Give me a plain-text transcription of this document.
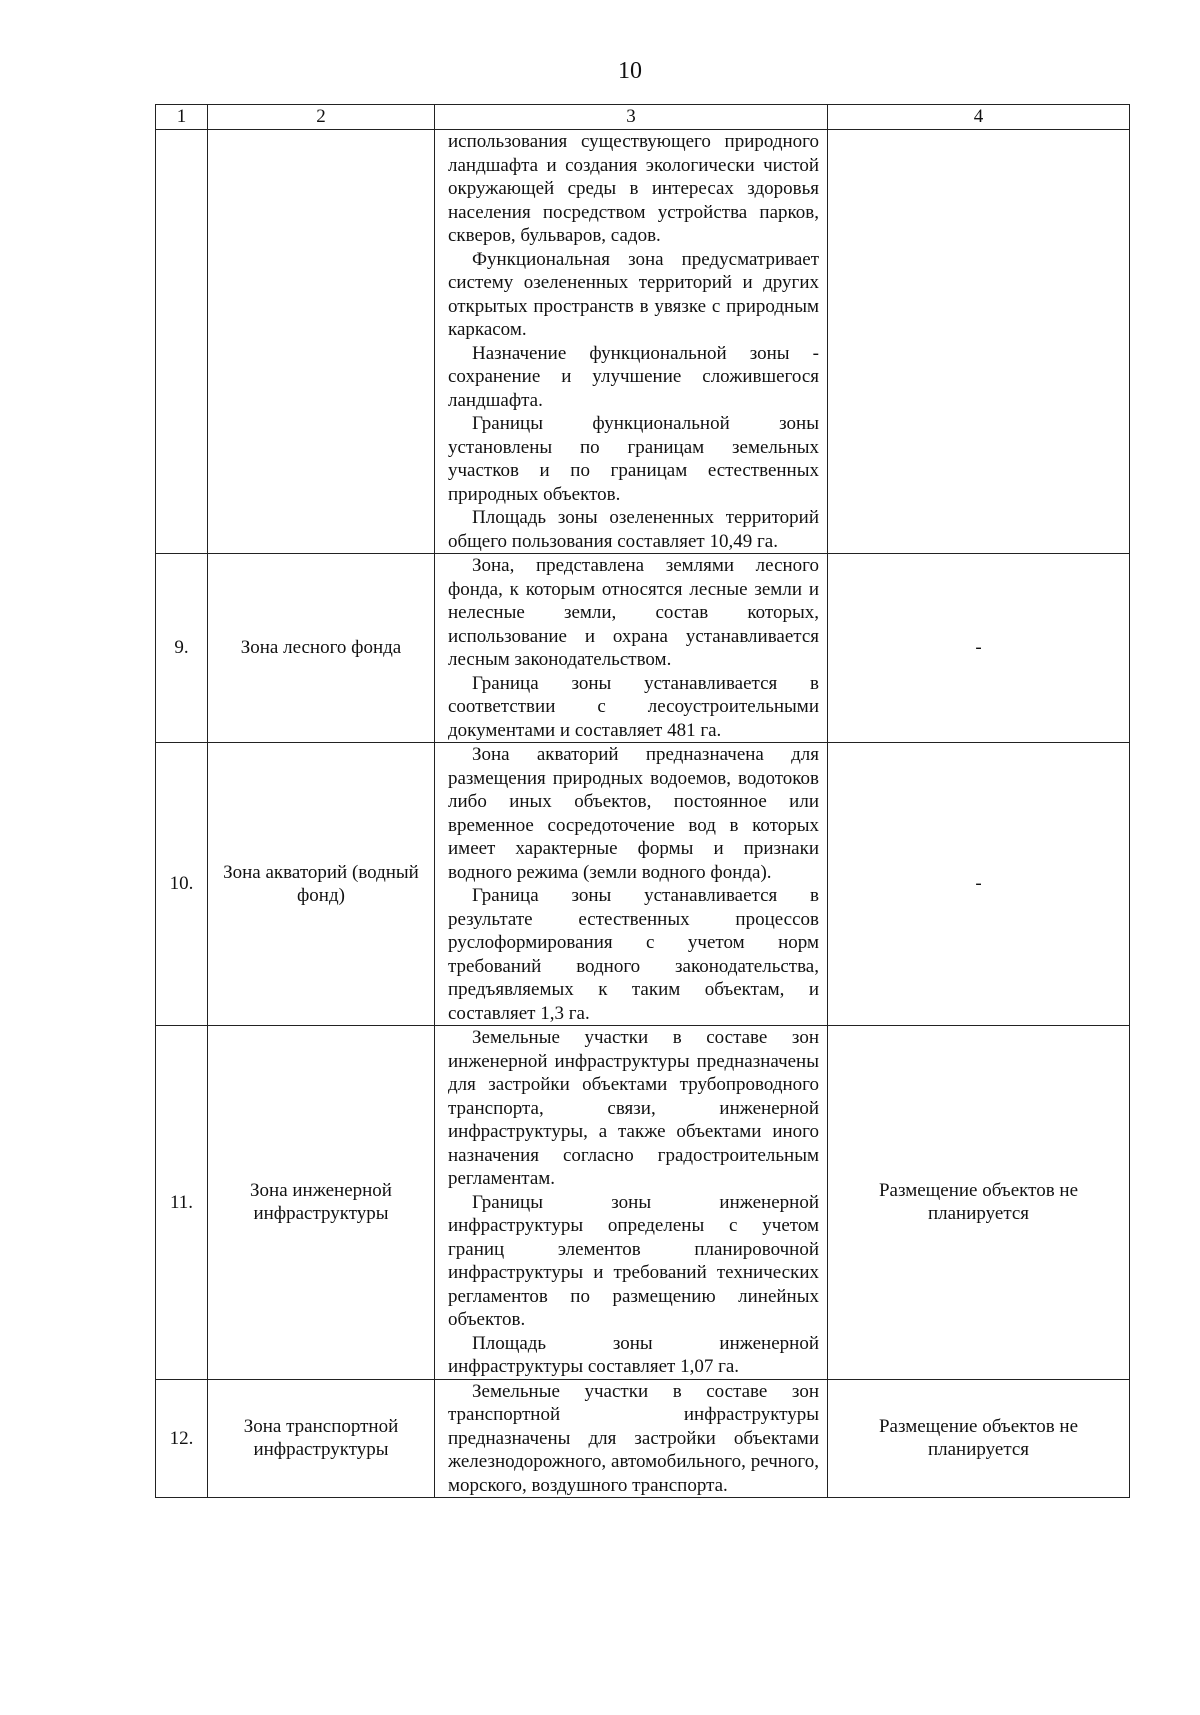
10
1	2	3	4

		использования существующего природного ландшафта и создания экологически чистой окружающей среды в интересах здоровья населения посредством устройства парков, скверов, бульваров, садов.

Функциональная зона предусматривает систему озелененных территорий и других открытых пространств в увязке с природным каркасом.

Назначение функциональной зоны - сохранение и улучшение сложившегося ландшафта.

Границы функциональной зоны установлены по границам земельных участков и по границам естественных природных объектов.

Площадь зоны озелененных территорий общего пользования составляет 10,49 га.	

9.	Зона лесного фонда	Зона, представлена землями лесного фонда, к которым относятся лесные земли и нелесные земли, состав которых, использование и охрана устанавливается лесным законодательством.

Граница зоны устанавливается в соответствии с лесоустроительными документами и составляет 481 га.	-
10.	Зона акваторий (водный фонд)	Зона акваторий предназначена для размещения природных водоемов, водотоков либо иных объектов, постоянное или временное сосредоточение вод в которых имеет характерные формы и признаки водного режима (земли водного фонда).

Граница зоны устанавливается в результате естественных процессов руслоформирования с учетом норм требований водного законодательства, предъявляемых к таким объектам, и составляет 1,3 га.	-
11.	Зона инженерной инфраструктуры	Земельные участки в составе зон инженерной инфраструктуры предназначены для застройки объектами трубопроводного транспорта, связи, инженерной инфраструктуры, а также объектами иного назначения согласно градостроительным регламентам.

Границы зоны инженерной инфраструктуры определены с учетом границ элементов планировочной инфраструктуры и требований технических регламентов по размещению линейных объектов.

Площадь зоны инженерной инфраструктуры составляет 1,07 га.	Размещение объектов не планируется
12.	Зона транспортной инфраструктуры	Земельные участки в составе зон транспортной инфраструктуры предназначены для застройки объектами железнодорожного, автомобильного, речного, морского, воздушного транспорта.	Размещение объектов не планируется
